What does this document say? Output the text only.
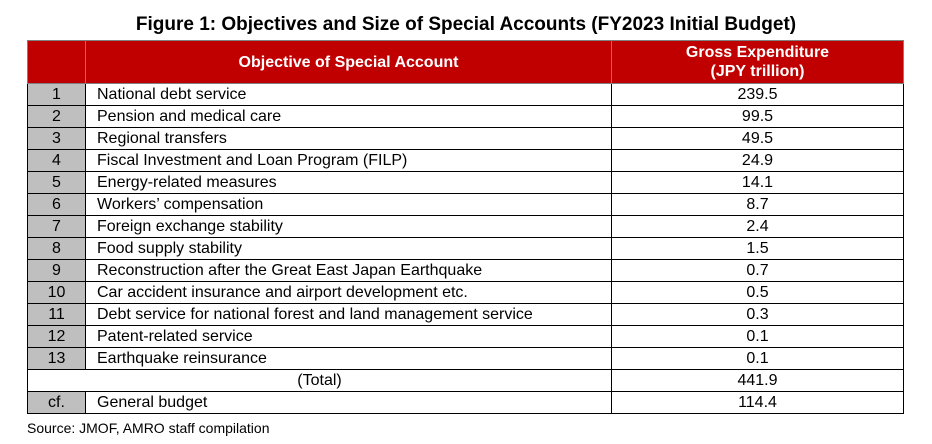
Figure 1: Objectives and Size of Special Accounts (FY2023 Initial Budget)
	Objective of Special Account	Gross Expenditure
(JPY trillion)

1	National debt service	239.5
2	Pension and medical care	99.5
3	Regional transfers	49.5
4	Fiscal Investment and Loan Program (FILP)	24.9
5	Energy-related measures	14.1
6	Workers’ compensation	8.7
7	Foreign exchange stability	2.4
8	Food supply stability	1.5
9	Reconstruction after the Great East Japan Earthquake	0.7
10	Car accident insurance and airport development etc.	0.5
11	Debt service for national forest and land management service	0.3
12	Patent-related service	0.1
13	Earthquake reinsurance	0.1
(Total)		441.9
cf.	General budget	114.4
Source: JMOF, AMRO staff compilation
